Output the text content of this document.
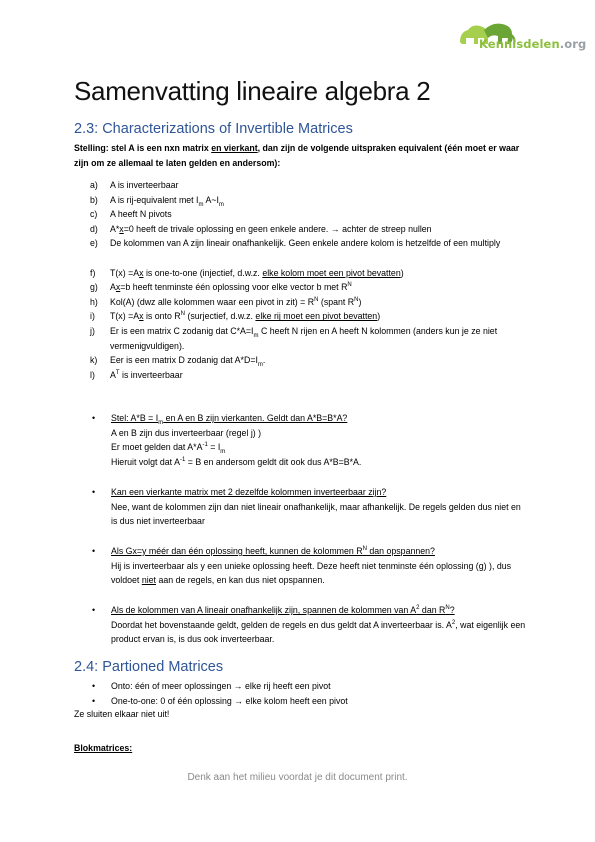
Kennisdelen.org
Samenvatting lineaire algebra 2
2.3: Characterizations of Invertible Matrices
Stelling: stel A is een nxn matrix en vierkant, dan zijn de volgende uitspraken equivalent (één moet er waar zijn om ze allemaal te laten gelden en andersom):
a) A is inverteerbaar
b) A is rij-equivalent met $I_m$ $A\sim I_m$
c) A heeft N pivots
d) A*x=0 heeft de trivale oplossing en geen enkele andere. → achter de streep nullen
e) De kolommen van A zijn lineair onafhankelijk. Geen enkele andere kolom is hetzelfde of een multiply
f) T(x) =Ax is one-to-one (injectief, d.w.z. elke kolom moet een pivot bevatten)
g) Ax=b heeft tenminste één oplossing voor elke vector b met $R^N$
h) Kol(A) (dwz alle kolommen waar een pivot in $zit) = R^N$ (spant $R^N$)
i) T(x) =Ax is onto $R^N$ (surjectief, d.w.z. elke rij moet een pivot bevatten)
j) Er is een matrix C zodanig dat $C*A=I_m$ C heeft N rijen en A heeft N kolommen (anders kun je ze niet vermenigvuldigen).
k) Eer is een matrix D zodanig dat $A*D=I_m$.
l) $A^T$ is inverteerbaar
• Stel: $A*B = I_m$ en A en B zijn vierkanten. Geldt dan A*B=B*A?
A en B zijn dus inverteerbaar (regel j) )
Er moet gelden dat $A*A^{-1} = I_m$
Hieruit volgt dat $A^{-1} = B$ en andersom geldt dit ook dus A*B=B*A.
• Kan een vierkante matrix met 2 dezelfde kolommen inverteerbaar zijn?
Nee, want de kolommen zijn dan niet lineair onafhankelijk, maar afhankelijk. De regels gelden dus niet en is dus niet inverteerbaar
• Als Gx=y méér dan één oplossing heeft, kunnen de kolommen $R^N$ dan opspannen?
Hij is inverteerbaar als y een unieke oplossing heeft. Deze heeft niet tenminste één oplossing (g) ), dus voldoet niet aan de regels, en kan dus niet opspannen.
• Als de kolommen van A lineair onafhankelijk zijn, spannen de kolommen van $A^2$ dan $R^N$?
Doordat het bovenstaande geldt, gelden de regels en dus geldt dat A inverteerbaar is. $A^2$, wat eigenlijk een product ervan is, is dus ook inverteerbaar.
2.4: Partioned Matrices
• Onto: één of meer oplossingen → elke rij heeft een pivot
• One-to-one: 0 of één oplossing → elke kolom heeft een pivot
Ze sluiten elkaar niet uit!
Blokmatrices:
Denk aan het milieu voordat je dit document print.
